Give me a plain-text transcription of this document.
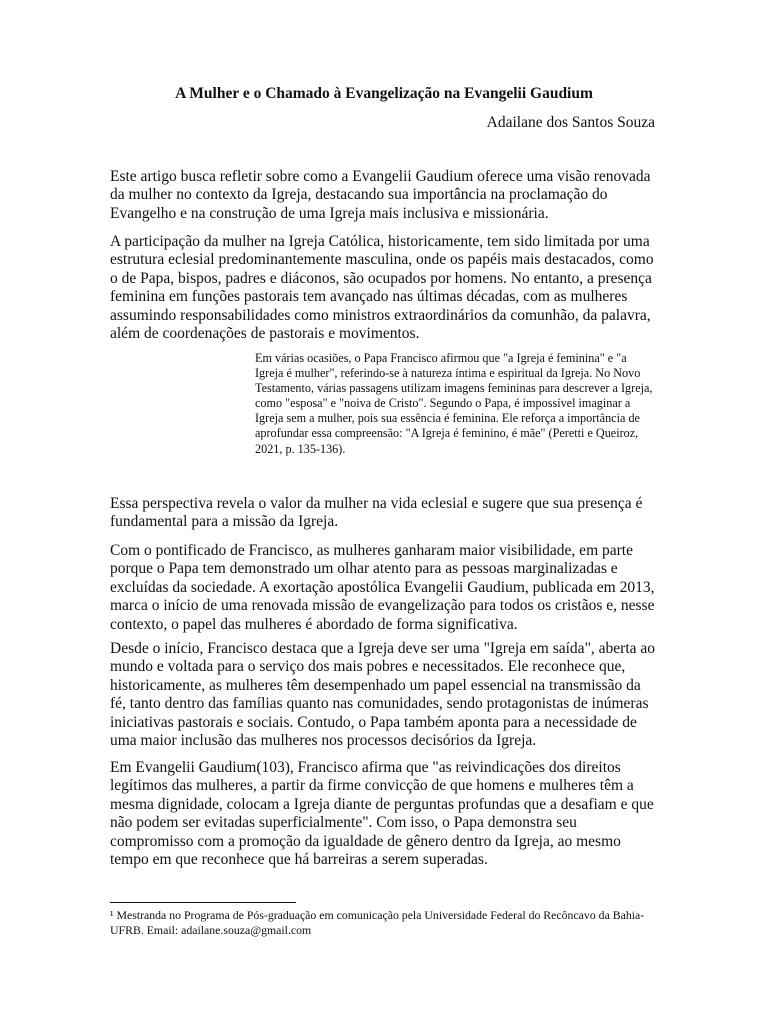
A Mulher e o Chamado à Evangelização na Evangelii Gaudium
Adailane dos Santos Souza

Este artigo busca refletir sobre como a Evangelii Gaudium oferece uma visão renovada da mulher no contexto da Igreja, destacando sua importância na proclamação do Evangelho e na construção de uma Igreja mais inclusiva e missionária.

A participação da mulher na Igreja Católica, historicamente, tem sido limitada por uma estrutura eclesial predominantemente masculina, onde os papéis mais destacados, como o de Papa, bispos, padres e diáconos, são ocupados por homens. No entanto, a presença feminina em funções pastorais tem avançado nas últimas décadas, com as mulheres assumindo responsabilidades como ministros extraordinários da comunhão, da palavra, além de coordenações de pastorais e movimentos.

Em várias ocasiões, o Papa Francisco afirmou que "a Igreja é feminina" e "a Igreja é mulher", referindo-se à natureza íntima e espiritual da Igreja. No Novo Testamento, várias passagens utilizam imagens femininas para descrever a Igreja, como "esposa" e "noiva de Cristo". Segundo o Papa, é impossível imaginar a Igreja sem a mulher, pois sua essência é feminina. Ele reforça a importância de aprofundar essa compreensão: "A Igreja é feminino, é mãe" (Peretti e Queiroz, 2021, p. 135-136).

Essa perspectiva revela o valor da mulher na vida eclesial e sugere que sua presença é fundamental para a missão da Igreja.

Com o pontificado de Francisco, as mulheres ganharam maior visibilidade, em parte porque o Papa tem demonstrado um olhar atento para as pessoas marginalizadas e excluídas da sociedade. A exortação apostólica Evangelii Gaudium, publicada em 2013, marca o início de uma renovada missão de evangelização para todos os cristãos e, nesse contexto, o papel das mulheres é abordado de forma significativa.

Desde o início, Francisco destaca que a Igreja deve ser uma "Igreja em saída", aberta ao mundo e voltada para o serviço dos mais pobres e necessitados. Ele reconhece que, historicamente, as mulheres têm desempenhado um papel essencial na transmissão da fé, tanto dentro das famílias quanto nas comunidades, sendo protagonistas de inúmeras iniciativas pastorais e sociais. Contudo, o Papa também aponta para a necessidade de uma maior inclusão das mulheres nos processos decisórios da Igreja.

Em Evangelii Gaudium(103), Francisco afirma que "as reivindicações dos direitos legítimos das mulheres, a partir da firme convicção de que homens e mulheres têm a mesma dignidade, colocam a Igreja diante de perguntas profundas que a desafiam e que não podem ser evitadas superficialmente". Com isso, o Papa demonstra seu compromisso com a promoção da igualdade de gênero dentro da Igreja, ao mesmo tempo em que reconhece que há barreiras a serem superadas.

¹ Mestranda no Programa de Pós-graduação em comunicação pela Universidade Federal do Recôncavo da Bahia-UFRB. Email: adailane.souza@gmail.com
